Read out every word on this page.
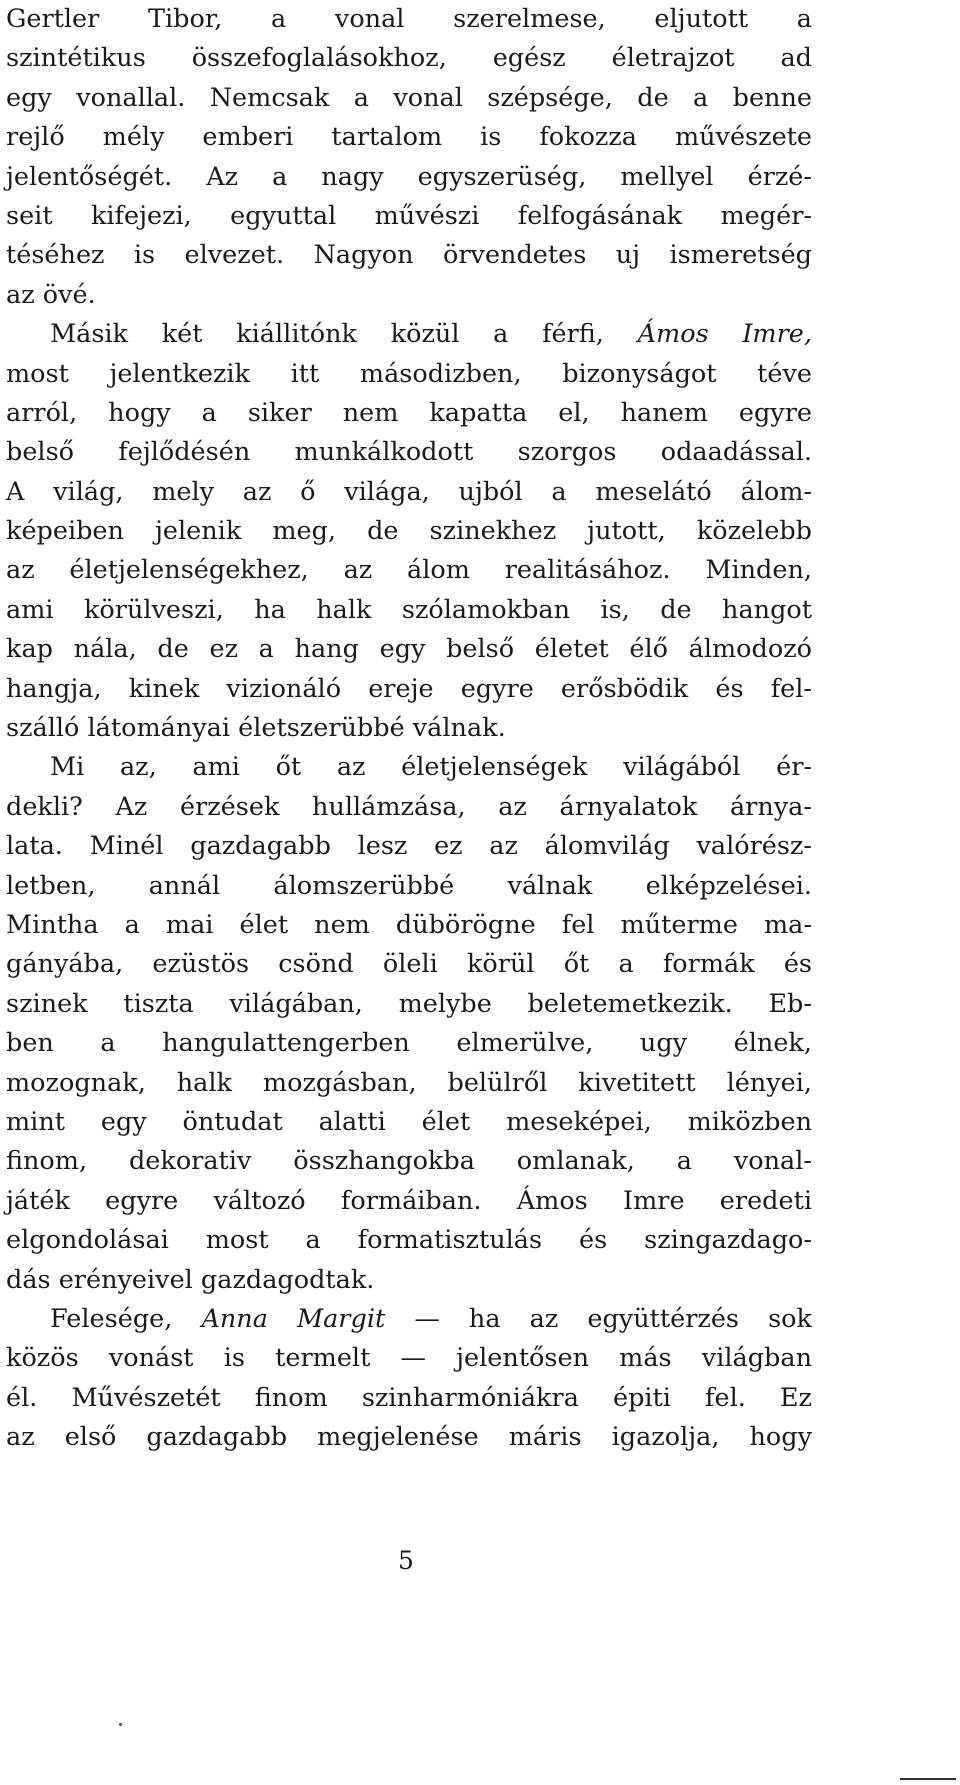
Gertler Tibor, a vonal szerelmese, eljutott a
szintétikus összefoglalásokhoz, egész életrajzot ad
egy vonallal. Nemcsak a vonal szépsége, de a benne
rejlő mély emberi tartalom is fokozza művészete
jelentőségét. Az a nagy egyszerüség, mellyel érzé-
seit kifejezi, egyuttal művészi felfogásának megér-
téséhez is elvezet. Nagyon örvendetes uj ismeretség
az övé.
Másik két kiállitónk közül a férfi, Ámos Imre,
most jelentkezik itt másodizben, bizonyságot téve
arról, hogy a siker nem kapatta el, hanem egyre
belső fejlődésén munkálkodott szorgos odaadással.
A világ, mely az ő világa, ujból a meselátó álom-
képeiben jelenik meg, de szinekhez jutott, közelebb
az életjelenségekhez, az álom realitásához. Minden,
ami körülveszi, ha halk szólamokban is, de hangot
kap nála, de ez a hang egy belső életet élő álmodozó
hangja, kinek vizionáló ereje egyre erősbödik és fel-
szálló látományai életszerübbé válnak.
Mi az, ami őt az életjelenségek világából ér-
dekli? Az érzések hullámzása, az árnyalatok árnya-
lata. Minél gazdagabb lesz ez az álomvilág valórész-
letben, annál álomszerübbé válnak elképzelései.
Mintha a mai élet nem dübörögne fel műterme ma-
gányába, ezüstös csönd öleli körül őt a formák és
szinek tiszta világában, melybe beletemetkezik. Eb-
ben a hangulattengerben elmerülve, ugy élnek,
mozognak, halk mozgásban, belülről kivetitett lényei,
mint egy öntudat alatti élet meseképei, miközben
finom, dekorativ összhangokba omlanak, a vonal-
játék egyre változó formáiban. Ámos Imre eredeti
elgondolásai most a formatisztulás és szingazdago-
dás erényeivel gazdagodtak.
Felesége, Anna Margit — ha az együttérzés sok
közös vonást is termelt — jelentősen más világban
él. Művészetét finom szinharmóniákra épiti fel. Ez
az első gazdagabb megjelenése máris igazolja, hogy
5
